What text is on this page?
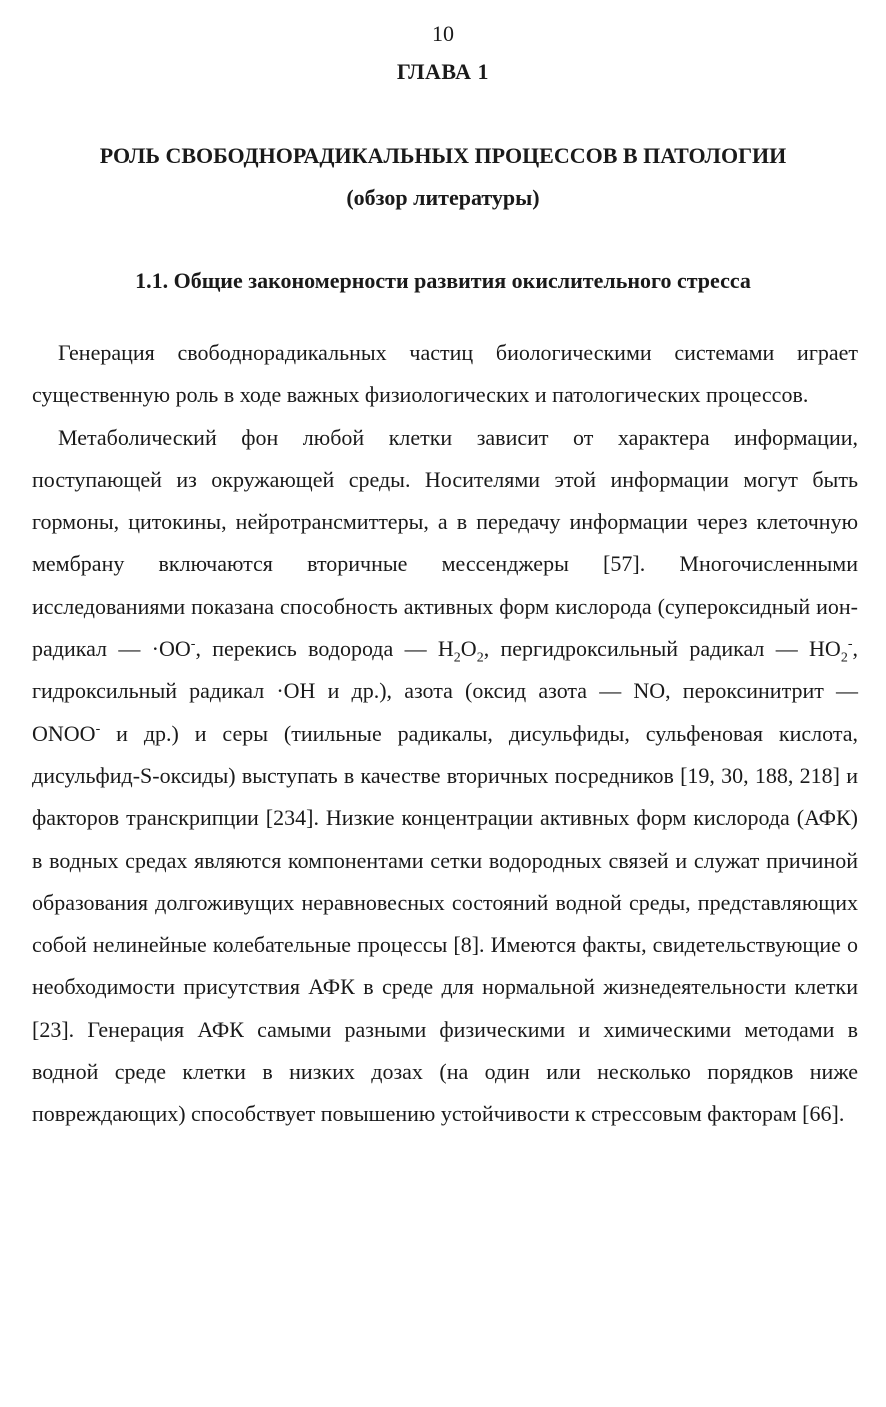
10
ГЛАВА 1
РОЛЬ СВОБОДНОРАДИКАЛЬНЫХ ПРОЦЕССОВ В ПАТОЛОГИИ
(обзор литературы)
1.1. Общие закономерности развития окислительного стресса

Генерация свободнорадикальных частиц биологическими системами играет существенную роль в ходе важных физиологических и патологических процессов.

Метаболический фон любой клетки зависит от характера информации, поступающей из окружающей среды. Носителями этой информации могут быть гормоны, цитокины, нейротрансмиттеры, а в передачу информации через клеточную мембрану включаются вторичные мессенджеры [57]. Многочисленными исследованиями показана способность активных форм кислорода (супероксидный ион-радикал — ·OO-, перекись водорода — $H_2O_2$, пергидроксильный радикал — $HO_2^-$, гидроксильный радикал ·OH и др.), азота (оксид азота — NO, пероксинитрит — ONOO- и др.) и серы (тиильные радикалы, дисульфиды, сульфеновая кислота, дисульфид-S-оксиды) выступать в качестве вторичных посредников [19, 30, 188, 218] и факторов транскрипции [234]. Низкие концентрации активных форм кислорода (АФК) в водных средах являются компонентами сетки водородных связей и служат причиной образования долгоживущих неравновесных состояний водной среды, представляющих собой нелинейные колебательные процессы [8]. Имеются факты, свидетельствующие о необходимости присутствия АФК в среде для нормальной жизнедеятельности клетки [23]. Генерация АФК самыми разными физическими и химическими методами в водной среде клетки в низких дозах (на один или несколько порядков ниже повреждающих) способствует повышению устойчивости к стрессовым факторам [66].
